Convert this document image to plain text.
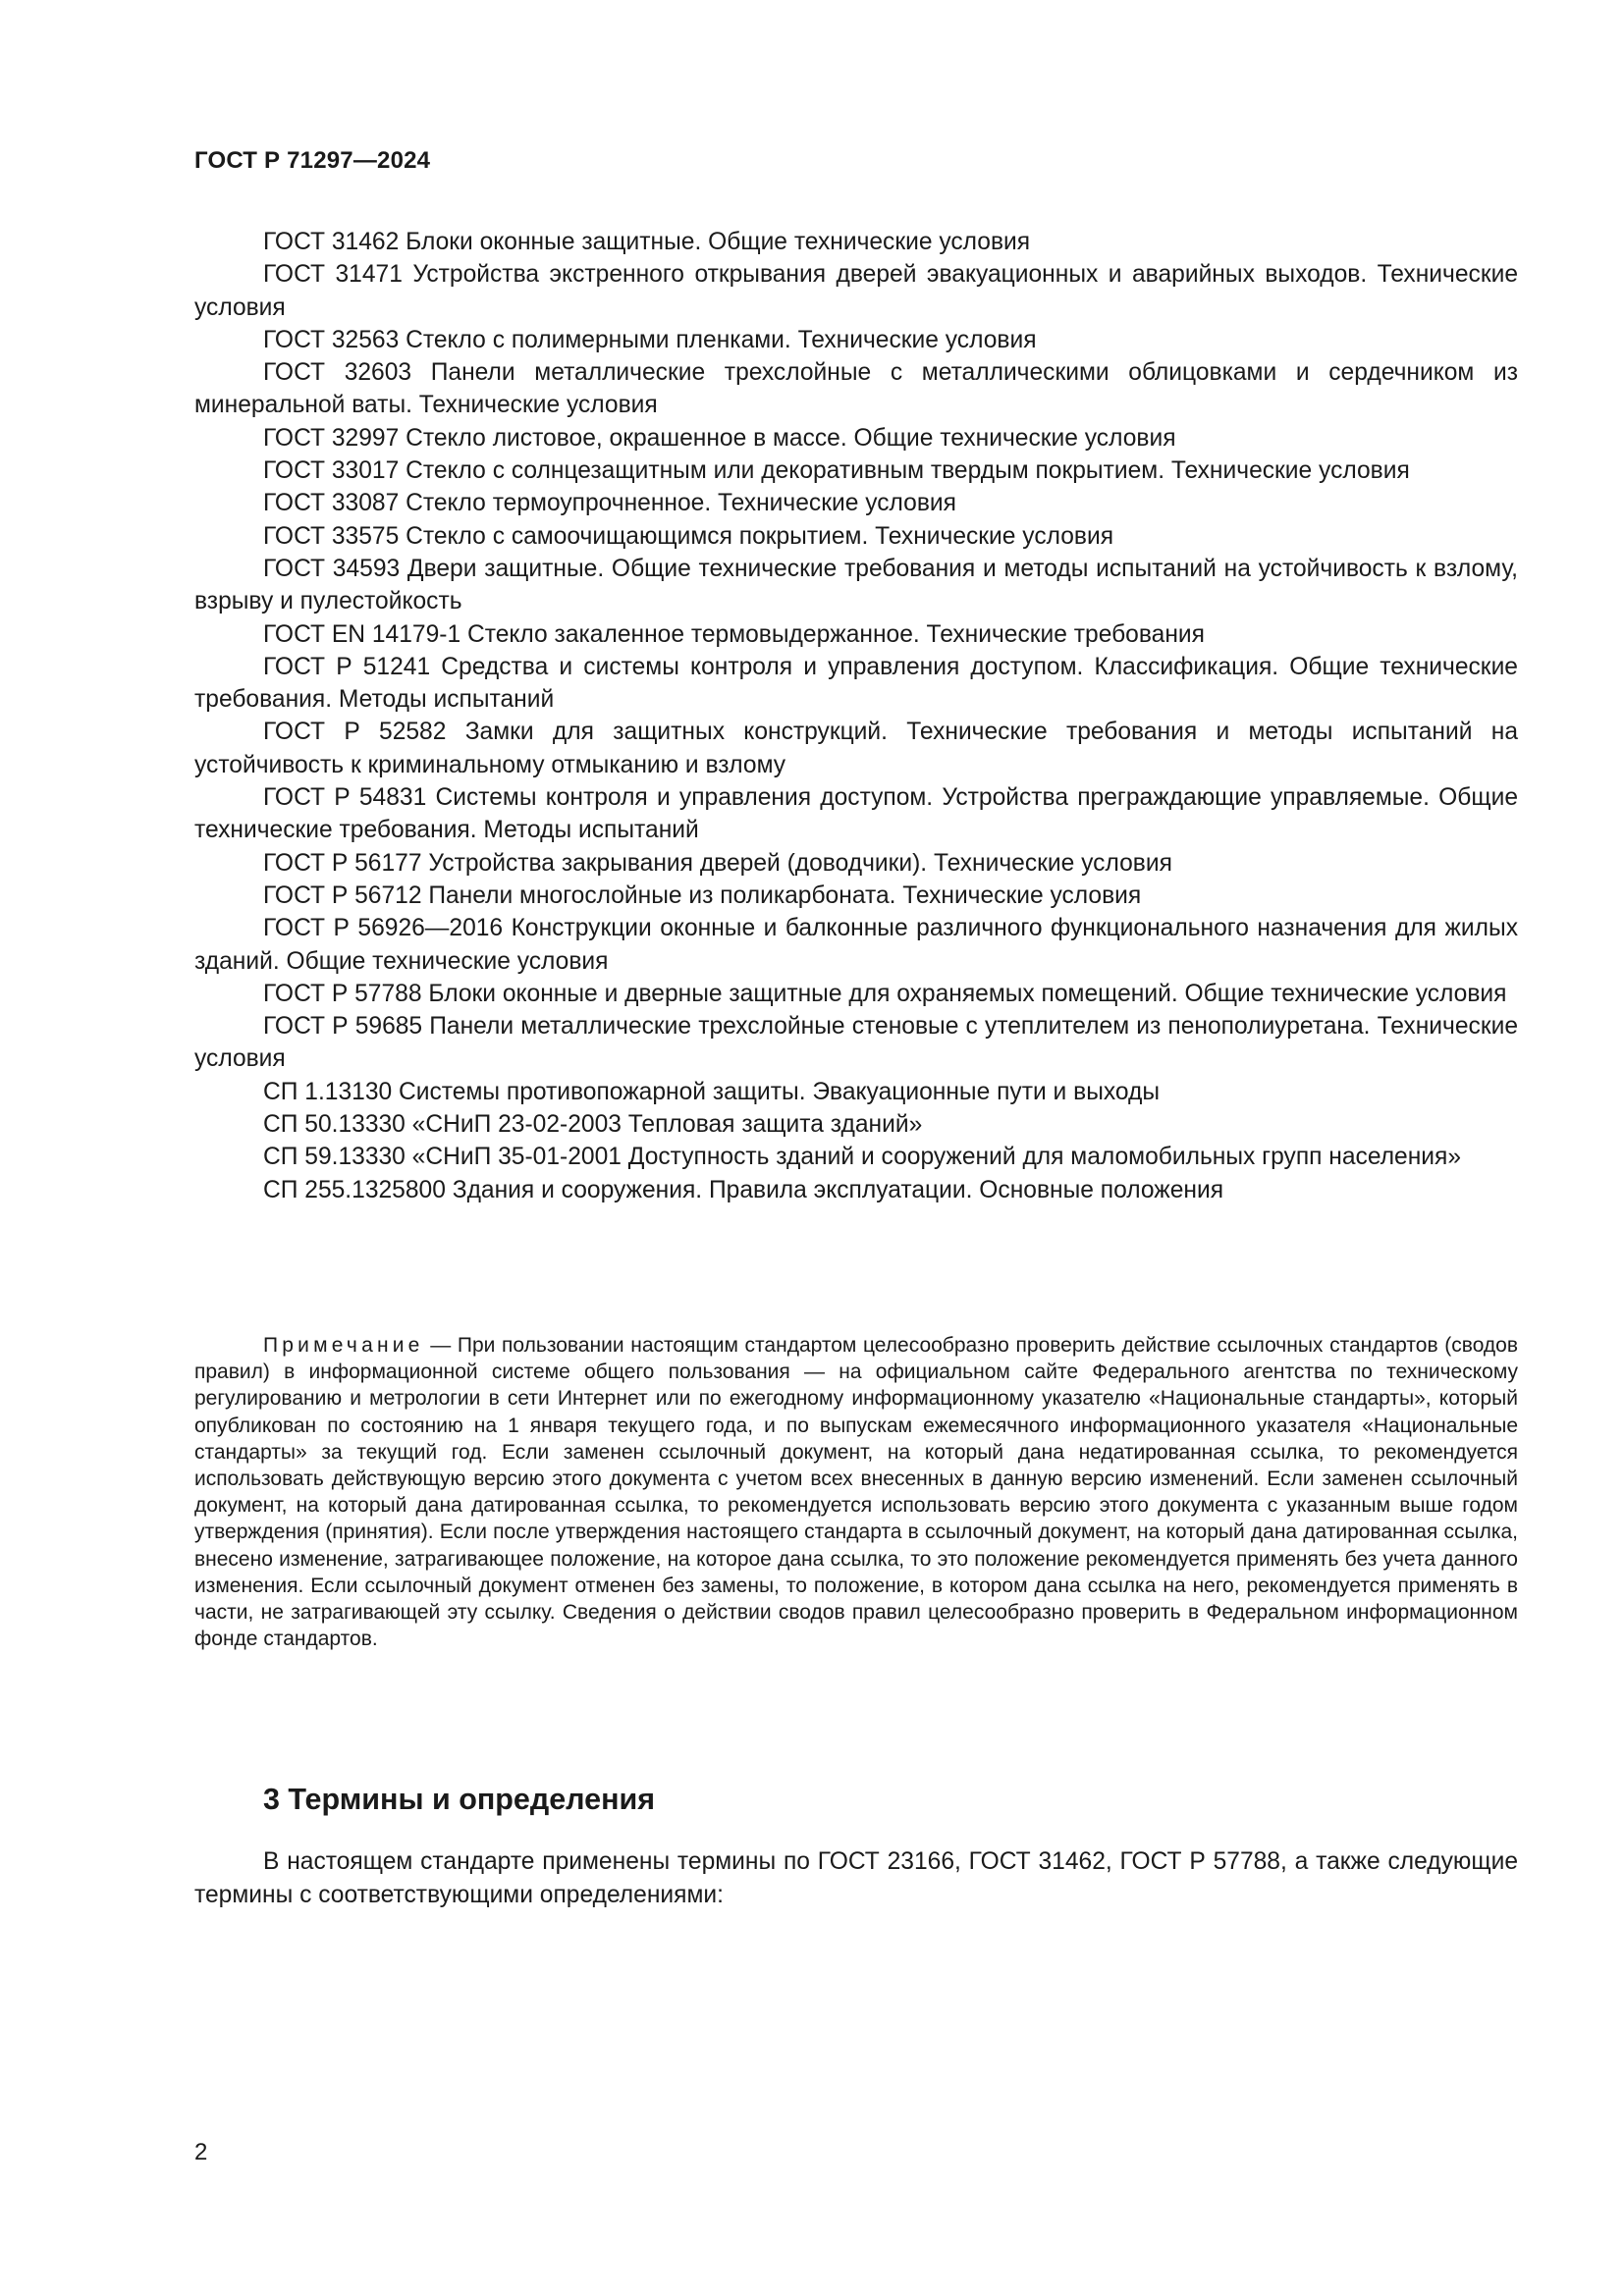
ГОСТ Р 71297—2024
ГОСТ 31462 Блоки оконные защитные. Общие технические условия
ГОСТ 31471 Устройства экстренного открывания дверей эвакуационных и аварийных выходов. Технические условия
ГОСТ 32563 Стекло с полимерными пленками. Технические условия
ГОСТ 32603 Панели металлические трехслойные с металлическими облицовками и сердечником из минеральной ваты. Технические условия
ГОСТ 32997 Стекло листовое, окрашенное в массе. Общие технические условия
ГОСТ 33017 Стекло с солнцезащитным или декоративным твердым покрытием. Технические условия
ГОСТ 33087 Стекло термоупрочненное. Технические условия
ГОСТ 33575 Стекло с самоочищающимся покрытием. Технические условия
ГОСТ 34593 Двери защитные. Общие технические требования и методы испытаний на устойчивость к взлому, взрыву и пулестойкость
ГОСТ EN 14179-1 Стекло закаленное термовыдержанное. Технические требования
ГОСТ Р 51241 Средства и системы контроля и управления доступом. Классификация. Общие технические требования. Методы испытаний
ГОСТ Р 52582 Замки для защитных конструкций. Технические требования и методы испытаний на устойчивость к криминальному отмыканию и взлому
ГОСТ Р 54831 Системы контроля и управления доступом. Устройства преграждающие управляемые. Общие технические требования. Методы испытаний
ГОСТ Р 56177 Устройства закрывания дверей (доводчики). Технические условия
ГОСТ Р 56712 Панели многослойные из поликарбоната. Технические условия
ГОСТ Р 56926—2016 Конструкции оконные и балконные различного функционального назначения для жилых зданий. Общие технические условия
ГОСТ Р 57788 Блоки оконные и дверные защитные для охраняемых помещений. Общие технические условия
ГОСТ Р 59685 Панели металлические трехслойные стеновые с утеплителем из пенополиуретана. Технические условия
СП 1.13130 Системы противопожарной защиты. Эвакуационные пути и выходы
СП 50.13330 «СНиП 23-02-2003 Тепловая защита зданий»
СП 59.13330 «СНиП 35-01-2001 Доступность зданий и сооружений для маломобильных групп населения»
СП 255.1325800 Здания и сооружения. Правила эксплуатации. Основные положения

Примечание — При пользовании настоящим стандартом целесообразно проверить действие ссылочных стандартов (сводов правил) в информационной системе общего пользования — на официальном сайте Федерального агентства по техническому регулированию и метрологии в сети Интернет или по ежегодному информационному указателю «Национальные стандарты», который опубликован по состоянию на 1 января текущего года, и по выпускам ежемесячного информационного указателя «Национальные стандарты» за текущий год. Если заменен ссылочный документ, на который дана недатированная ссылка, то рекомендуется использовать действующую версию этого документа с учетом всех внесенных в данную версию изменений. Если заменен ссылочный документ, на который дана датированная ссылка, то рекомендуется использовать версию этого документа с указанным выше годом утверждения (принятия). Если после утверждения настоящего стандарта в ссылочный документ, на который дана датированная ссылка, внесено изменение, затрагивающее положение, на которое дана ссылка, то это положение рекомендуется применять без учета данного изменения. Если ссылочный документ отменен без замены, то положение, в котором дана ссылка на него, рекомендуется применять в части, не затрагивающей эту ссылку. Сведения о действии сводов правил целесообразно проверить в Федеральном информационном фонде стандартов.

3 Термины и определения

В настоящем стандарте применены термины по ГОСТ 23166, ГОСТ 31462, ГОСТ Р 57788, а также следующие термины с соответствующими определениями:

2
